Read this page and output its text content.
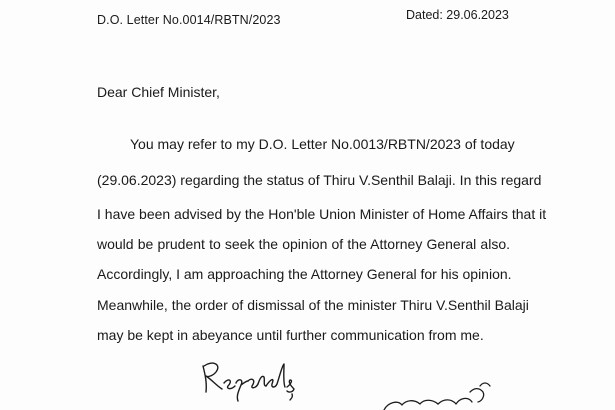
D.O. Letter No.0014/RBTN/2023	Dated: 29.06.2023
Dear Chief Minister,
You may refer to my D.O. Letter No.0013/RBTN/2023 of today
(29.06.2023) regarding the status of Thiru V.Senthil Balaji. In this regard
I have been advised by the Hon'ble Union Minister of Home Affairs that it
would be prudent to seek the opinion of the Attorney General also.
Accordingly, I am approaching the Attorney General for his opinion.
Meanwhile, the order of dismissal of the minister Thiru V.Senthil Balaji
may be kept in abeyance until further communication from me.
